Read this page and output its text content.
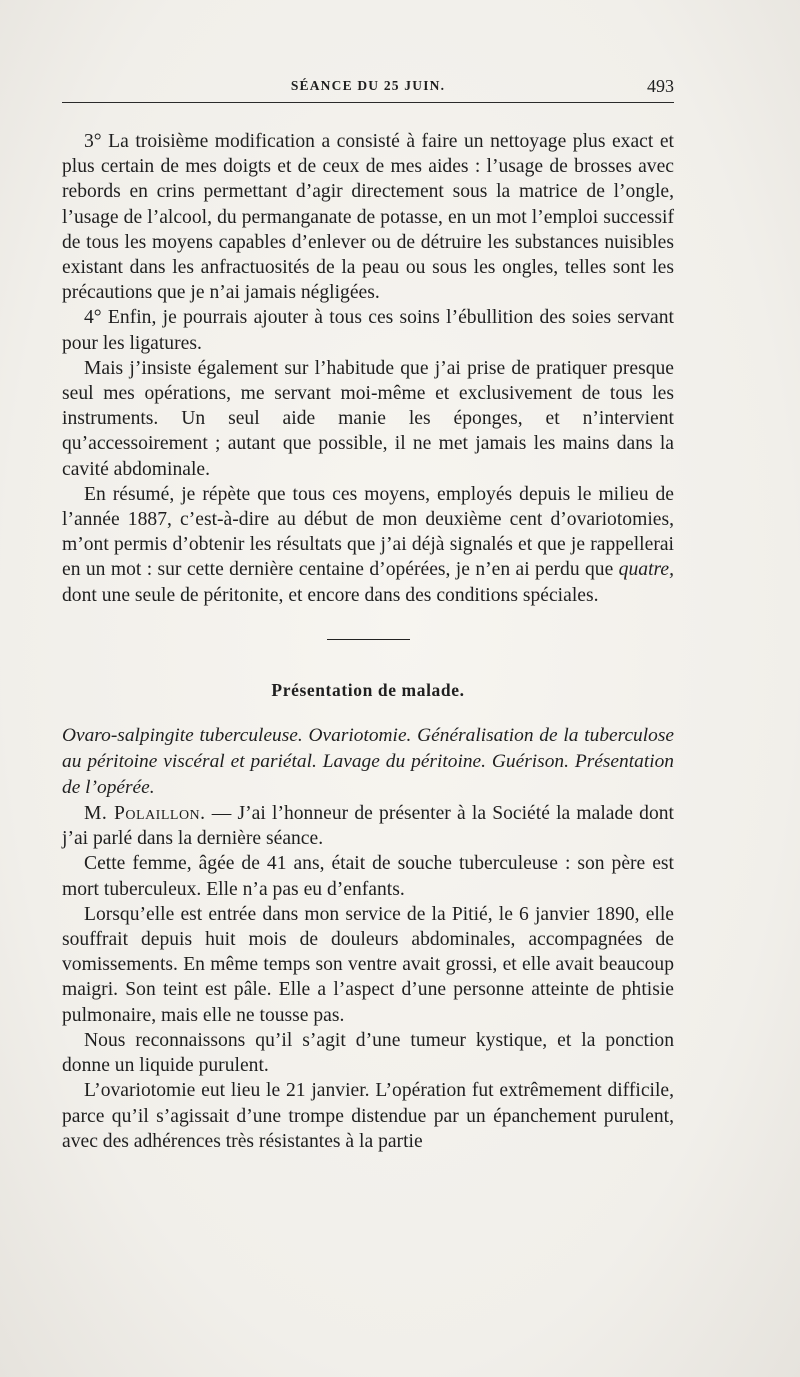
SÉANCE DU 25 JUIN.	493

3° La troisième modification a consisté à faire un nettoyage plus exact et plus certain de mes doigts et de ceux de mes aides : l’usage de brosses avec rebords en crins permettant d’agir directement sous la matrice de l’ongle, l’usage de l’alcool, du permanganate de potasse, en un mot l’emploi successif de tous les moyens capables d’enlever ou de détruire les substances nuisibles existant dans les anfractuosités de la peau ou sous les ongles, telles sont les précautions que je n’ai jamais négligées.

4° Enfin, je pourrais ajouter à tous ces soins l’ébullition des soies servant pour les ligatures.

Mais j’insiste également sur l’habitude que j’ai prise de pratiquer presque seul mes opérations, me servant moi-même et exclusivement de tous les instruments. Un seul aide manie les éponges, et n’intervient qu’accessoirement ; autant que possible, il ne met jamais les mains dans la cavité abdominale.

En résumé, je répète que tous ces moyens, employés depuis le milieu de l’année 1887, c’est-à-dire au début de mon deuxième cent d’ovariotomies, m’ont permis d’obtenir les résultats que j’ai déjà signalés et que je rappellerai en un mot : sur cette dernière centaine d’opérées, je n’en ai perdu que quatre, dont une seule de péritonite, et encore dans des conditions spéciales.

Présentation de malade.

Ovaro-salpingite tuberculeuse. Ovariotomie. Généralisation de la tuberculose au péritoine viscéral et pariétal. Lavage du péritoine. Guérison. Présentation de l’opérée.

M. Polaillon. — J’ai l’honneur de présenter à la Société la malade dont j’ai parlé dans la dernière séance.

Cette femme, âgée de 41 ans, était de souche tuberculeuse : son père est mort tuberculeux. Elle n’a pas eu d’enfants.

Lorsqu’elle est entrée dans mon service de la Pitié, le 6 janvier 1890, elle souffrait depuis huit mois de douleurs abdominales, accompagnées de vomissements. En même temps son ventre avait grossi, et elle avait beaucoup maigri. Son teint est pâle. Elle a l’aspect d’une personne atteinte de phtisie pulmonaire, mais elle ne tousse pas.

Nous reconnaissons qu’il s’agit d’une tumeur kystique, et la ponction donne un liquide purulent.

L’ovariotomie eut lieu le 21 janvier. L’opération fut extrêmement difficile, parce qu’il s’agissait d’une trompe distendue par un épanchement purulent, avec des adhérences très résistantes à la partie
